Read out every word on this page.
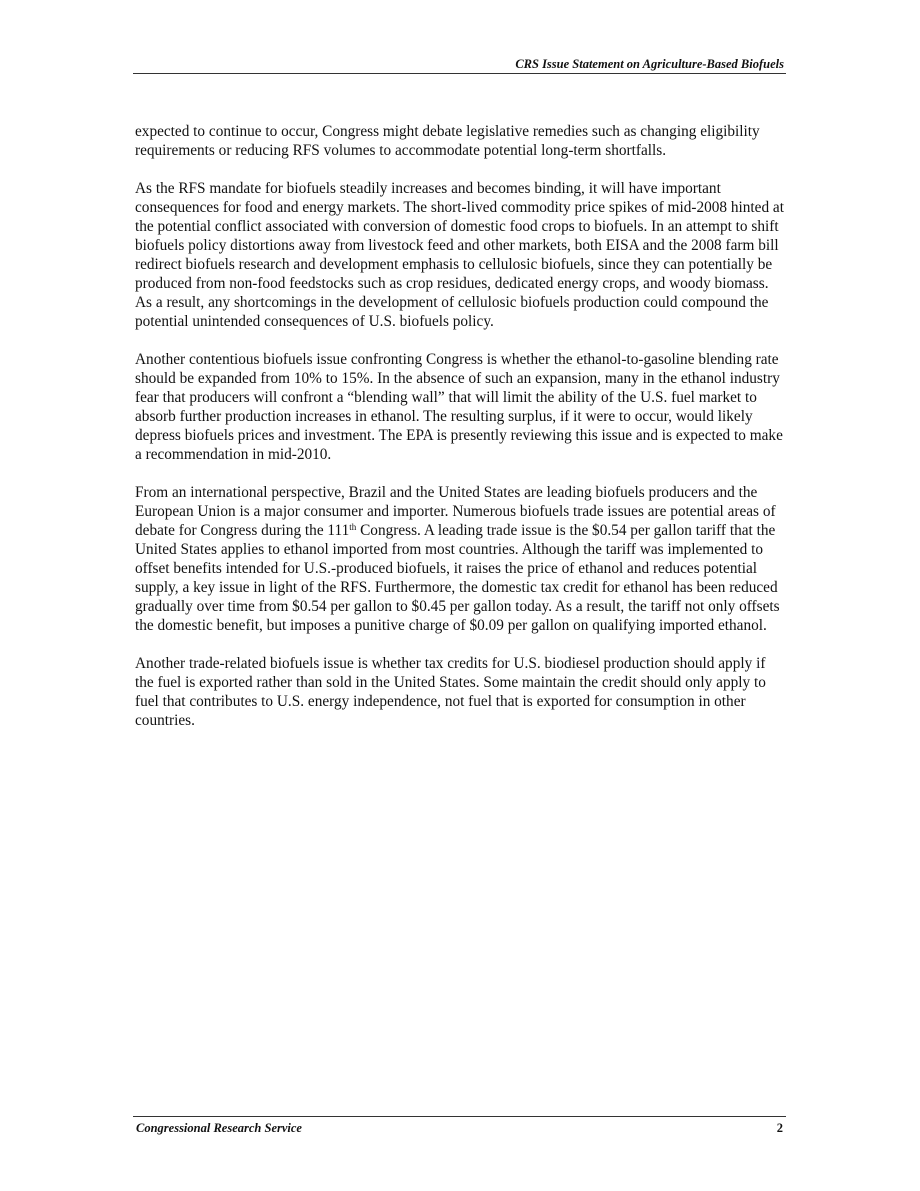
CRS Issue Statement on Agriculture-Based Biofuels

expected to continue to occur, Congress might debate legislative remedies such as changing eligibility requirements or reducing RFS volumes to accommodate potential long-term shortfalls.

As the RFS mandate for biofuels steadily increases and becomes binding, it will have important consequences for food and energy markets. The short-lived commodity price spikes of mid-2008 hinted at the potential conflict associated with conversion of domestic food crops to biofuels. In an attempt to shift biofuels policy distortions away from livestock feed and other markets, both EISA and the 2008 farm bill redirect biofuels research and development emphasis to cellulosic biofuels, since they can potentially be produced from non-food feedstocks such as crop residues, dedicated energy crops, and woody biomass. As a result, any shortcomings in the development of cellulosic biofuels production could compound the potential unintended consequences of U.S. biofuels policy.

Another contentious biofuels issue confronting Congress is whether the ethanol-to-gasoline blending rate should be expanded from 10% to 15%. In the absence of such an expansion, many in the ethanol industry fear that producers will confront a “blending wall” that will limit the ability of the U.S. fuel market to absorb further production increases in ethanol. The resulting surplus, if it were to occur, would likely depress biofuels prices and investment. The EPA is presently reviewing this issue and is expected to make a recommendation in mid-2010.

From an international perspective, Brazil and the United States are leading biofuels producers and the European Union is a major consumer and importer. Numerous biofuels trade issues are potential areas of debate for Congress during the 111th Congress. A leading trade issue is the $0.54 per gallon tariff that the United States applies to ethanol imported from most countries. Although the tariff was implemented to offset benefits intended for U.S.-produced biofuels, it raises the price of ethanol and reduces potential supply, a key issue in light of the RFS. Furthermore, the domestic tax credit for ethanol has been reduced gradually over time from $0.54 per gallon to $0.45 per gallon today. As a result, the tariff not only offsets the domestic benefit, but imposes a punitive charge of $0.09 per gallon on qualifying imported ethanol.

Another trade-related biofuels issue is whether tax credits for U.S. biodiesel production should apply if the fuel is exported rather than sold in the United States. Some maintain the credit should only apply to fuel that contributes to U.S. energy independence, not fuel that is exported for consumption in other countries.

Congressional Research Service	2
